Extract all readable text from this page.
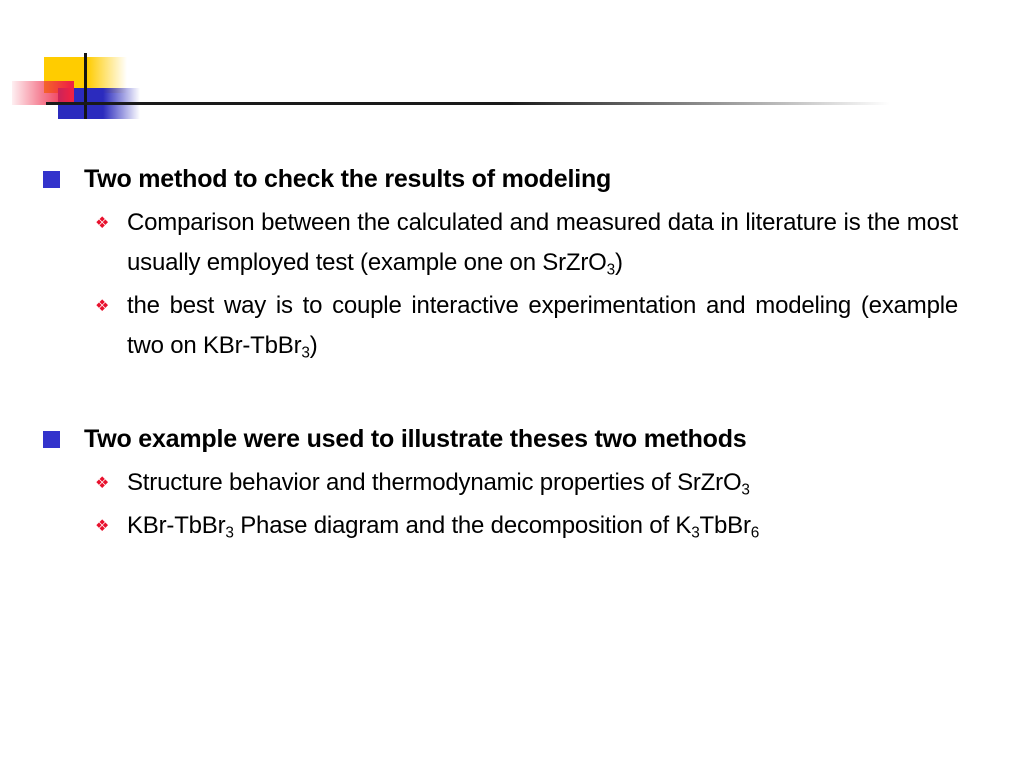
Two method to check the results of modeling
❖ Comparison between the calculated and measured data in literature is the most usually employed test (example one on SrZrO$_3$)
❖ the best way is to couple interactive experimentation and modeling (example two on KBr-TbBr$_3$)
Two example were used to illustrate theses two methods
❖ Structure behavior and thermodynamic properties of SrZrO$_3$
❖ KBr-TbBr$_3$ Phase diagram and the decomposition of $K_3TbBr_6$
